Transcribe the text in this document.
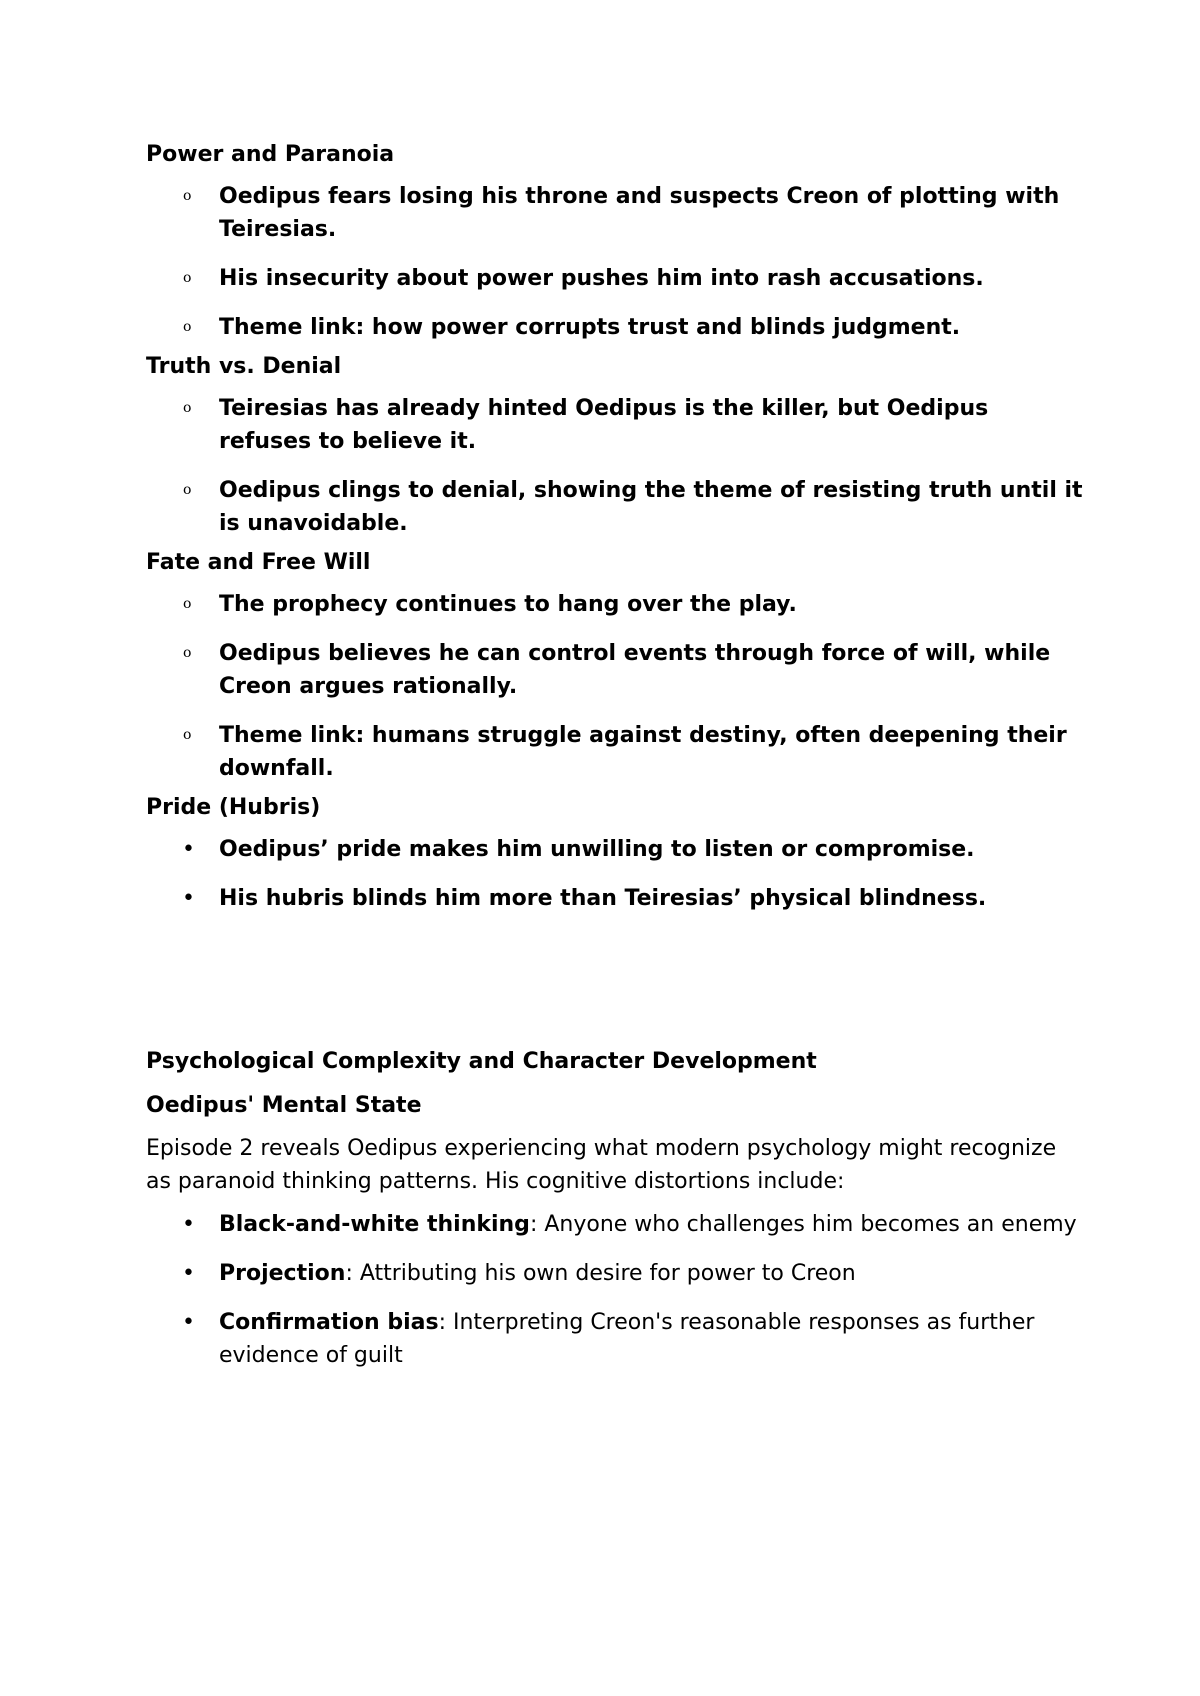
Power and Paranoia

o Oedipus fears losing his throne and suspects Creon of plotting with Teiresias.
o His insecurity about power pushes him into rash accusations.
o Theme link: how power corrupts trust and blinds judgment.

Truth vs. Denial

o Teiresias has already hinted Oedipus is the killer, but Oedipus refuses to believe it.
o Oedipus clings to denial, showing the theme of resisting truth until it is unavoidable.

Fate and Free Will

o The prophecy continues to hang over the play.
o Oedipus believes he can control events through force of will, while Creon argues rationally.
o Theme link: humans struggle against destiny, often deepening their downfall.

Pride (Hubris)

• Oedipus’ pride makes him unwilling to listen or compromise.
• His hubris blinds him more than Teiresias’ physical blindness.

Psychological Complexity and Character Development

Oedipus' Mental State

Episode 2 reveals Oedipus experiencing what modern psychology might recognize as paranoid thinking patterns. His cognitive distortions include:

• Black-and-white thinking: Anyone who challenges him becomes an enemy
• Projection: Attributing his own desire for power to Creon
• Confirmation bias: Interpreting Creon's reasonable responses as further evidence of guilt
